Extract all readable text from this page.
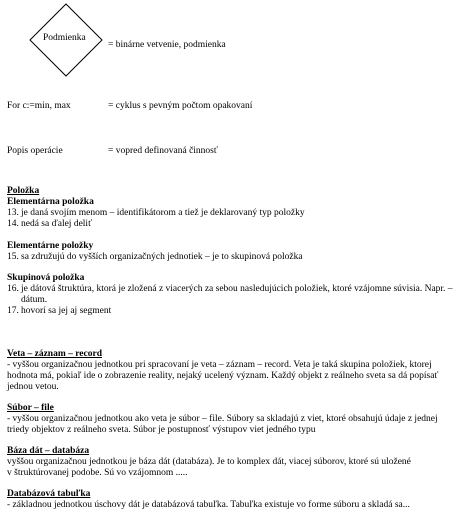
Podmienka
= binárne vetvenie, podmienka
For c:=min, max	= cyklus s pevným počtom opakovaní
Popis operácie	= vopred definovaná činnosť
Položka
Elementárna položka
13. je daná svojím menom – identifikátorom a tiež je deklarovaný typ položky
14. nedá sa ďalej deliť
Elementárne položky
15. sa združujú do vyšších organizačných jednotiek – je to skupinová položka
Skupinová položka
16. je dátová štruktúra, ktorá je zložená z viacerých za sebou nasledujúcich položiek, ktoré vzájomne súvisia. Napr. –
dátum.
17. hovorí sa jej aj segment
Veta – záznam – record
- vyššou organizačnou jednotkou pri spracovaní je veta – záznam – record. Veta je taká skupina položiek, ktorej
hodnota má, pokiaľ ide o zobrazenie reality, nejaký ucelený význam. Každý objekt z reálneho sveta sa dá popísať
jednou vetou.
Súbor – file
- vyššou organizačnou jednotkou ako veta je súbor – file. Súbory sa skladajú z viet, ktoré obsahujú údaje z jednej
triedy objektov z reálneho sveta. Súbor je postupnosť výstupov viet jedného typu
Báza dát – databáza
vyššou organizačnou jednotkou je báza dát (databáza). Je to komplex dát, viacej súborov, ktoré sú uložené
v štruktúrovanej podobe. Sú vo vzájomnom .....
Databázová tabuľka
- základnou jednotkou úschovy dát je databázová tabuľka. Tabuľka existuje vo forme súboru a skladá sa...
